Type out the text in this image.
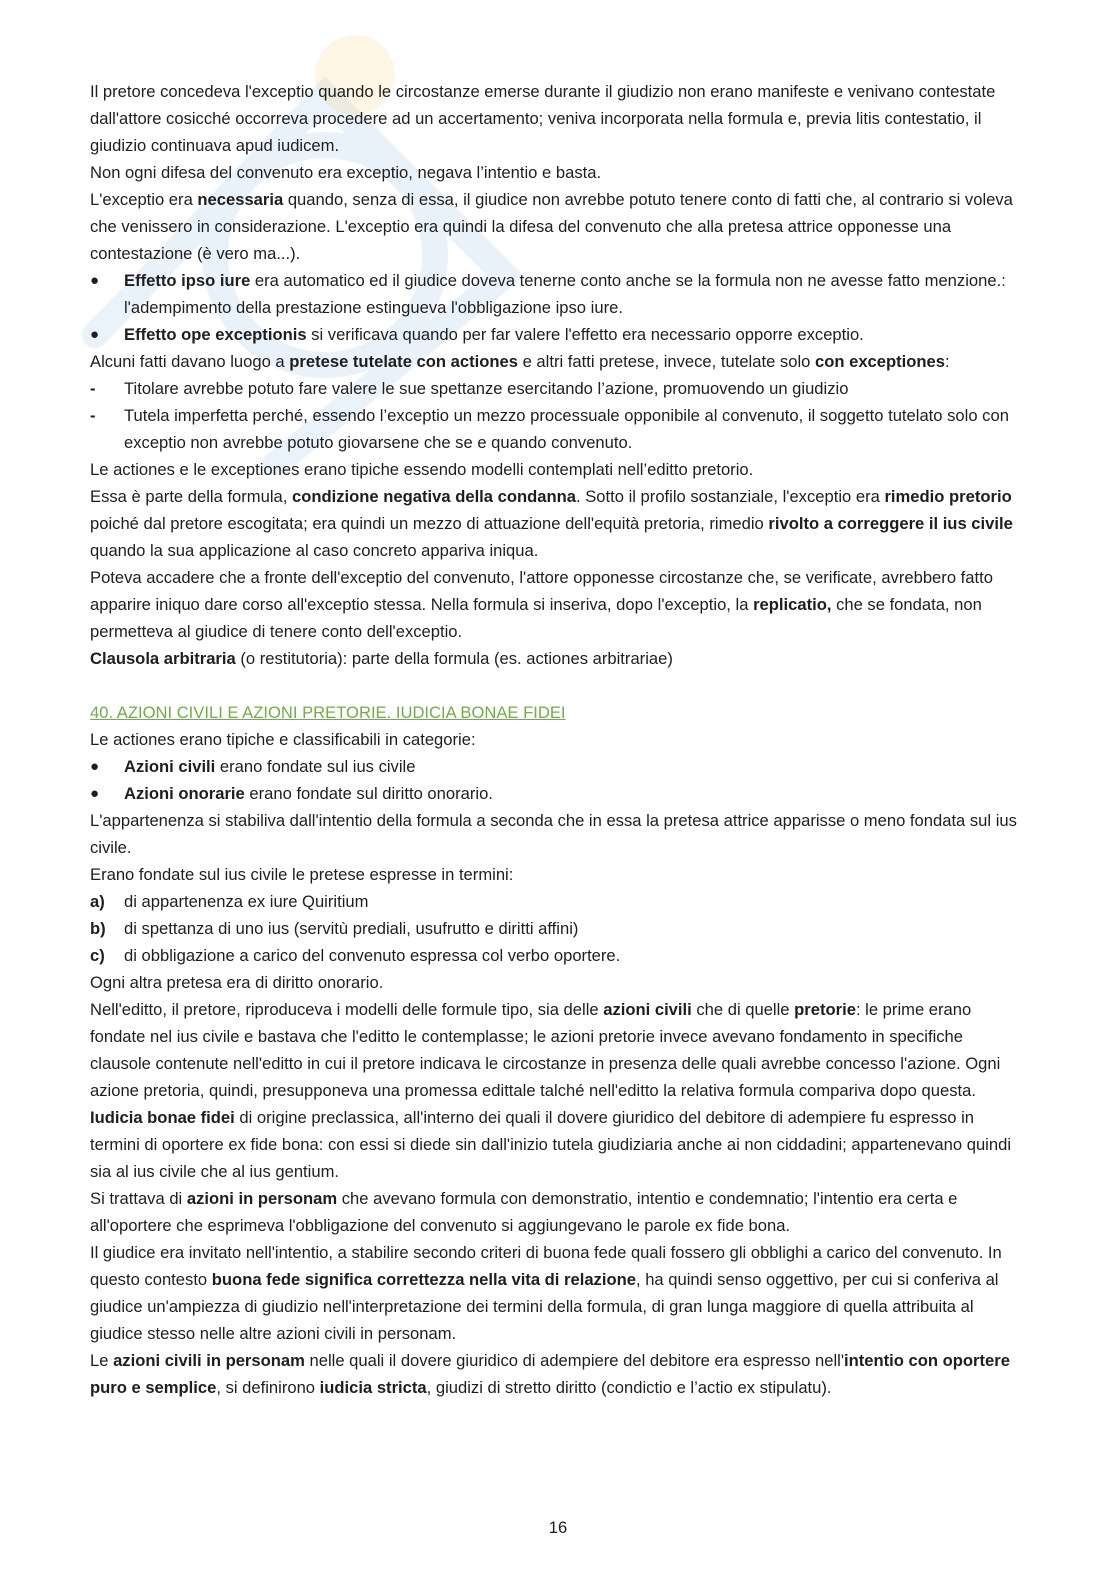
Il pretore concedeva l'exceptio quando le circostanze emerse durante il giudizio non erano manifeste e venivano contestate dall'attore cosicché occorreva procedere ad un accertamento; veniva incorporata nella formula e, previa litis contestatio, il giudizio continuava apud iudicem.

Non ogni difesa del convenuto era exceptio, negava l’intentio e basta.

L'exceptio era necessaria quando, senza di essa, il giudice non avrebbe potuto tenere conto di fatti che, al contrario si voleva che venissero in considerazione. L'exceptio era quindi la difesa del convenuto che alla pretesa attrice opponesse una contestazione (è vero ma...).

●	Effetto ipso iure era automatico ed il giudice doveva tenerne conto anche se la formula non ne avesse fatto menzione.: l'adempimento della prestazione estingueva l'obbligazione ipso iure.
●	Effetto ope exceptionis si verificava quando per far valere l'effetto era necessario opporre exceptio.

Alcuni fatti davano luogo a pretese tutelate con actiones e altri fatti pretese, invece, tutelate solo con exceptiones:

-	Titolare avrebbe potuto fare valere le sue spettanze esercitando l’azione, promuovendo un giudizio
-	Tutela imperfetta perché, essendo l’exceptio un mezzo processuale opponibile al convenuto, il soggetto tutelato solo con exceptio non avrebbe potuto giovarsene che se e quando convenuto.

Le actiones e le exceptiones erano tipiche essendo modelli contemplati nell’editto pretorio.

Essa è parte della formula, condizione negativa della condanna. Sotto il profilo sostanziale, l'exceptio era rimedio pretorio poiché dal pretore escogitata; era quindi un mezzo di attuazione dell'equità pretoria, rimedio rivolto a correggere il ius civile quando la sua applicazione al caso concreto appariva iniqua.

Poteva accadere che a fronte dell'exceptio del convenuto, l'attore opponesse circostanze che, se verificate, avrebbero fatto apparire iniquo dare corso all'exceptio stessa. Nella formula si inseriva, dopo l'exceptio, la replicatio, che se fondata, non permetteva al giudice di tenere conto dell'exceptio.

Clausola arbitraria (o restitutoria): parte della formula (es. actiones arbitrariae)

40. AZIONI CIVILI E AZIONI PRETORIE. IUDICIA BONAE FIDEI

Le actiones erano tipiche e classificabili in categorie:

●	Azioni civili erano fondate sul ius civile
●	Azioni onorarie erano fondate sul diritto onorario.

L'appartenenza si stabiliva dall'intentio della formula a seconda che in essa la pretesa attrice apparisse o meno fondata sul ius civile.

Erano fondate sul ius civile le pretese espresse in termini:

a)	di appartenenza ex iure Quiritium
b)	di spettanza di uno ius (servitù prediali, usufrutto e diritti affini)
c)	di obbligazione a carico del convenuto espressa col verbo oportere.

Ogni altra pretesa era di diritto onorario.

Nell'editto, il pretore, riproduceva i modelli delle formule tipo, sia delle azioni civili che di quelle pretorie: le prime erano fondate nel ius civile e bastava che l'editto le contemplasse; le azioni pretorie invece avevano fondamento in specifiche clausole contenute nell'editto in cui il pretore indicava le circostanze in presenza delle quali avrebbe concesso l'azione. Ogni azione pretoria, quindi, presupponeva una promessa edittale talché nell'editto la relativa formula compariva dopo questa.

Iudicia bonae fidei di origine preclassica, all'interno dei quali il dovere giuridico del debitore di adempiere fu espresso in termini di oportere ex fide bona: con essi si diede sin dall'inizio tutela giudiziaria anche ai non ciddadini; appartenevano quindi sia al ius civile che al ius gentium.

Si trattava di azioni in personam che avevano formula con demonstratio, intentio e condemnatio; l'intentio era certa e all'oportere che esprimeva l'obbligazione del convenuto si aggiungevano le parole ex fide bona.

Il giudice era invitato nell'intentio, a stabilire secondo criteri di buona fede quali fossero gli obblighi a carico del convenuto. In questo contesto buona fede significa correttezza nella vita di relazione, ha quindi senso oggettivo, per cui si conferiva al giudice un'ampiezza di giudizio nell'interpretazione dei termini della formula, di gran lunga maggiore di quella attribuita al giudice stesso nelle altre azioni civili in personam.

Le azioni civili in personam nelle quali il dovere giuridico di adempiere del debitore era espresso nell'intentio con oportere puro e semplice, si definirono iudicia stricta, giudizi di stretto diritto (condictio e l’actio ex stipulatu).

16
